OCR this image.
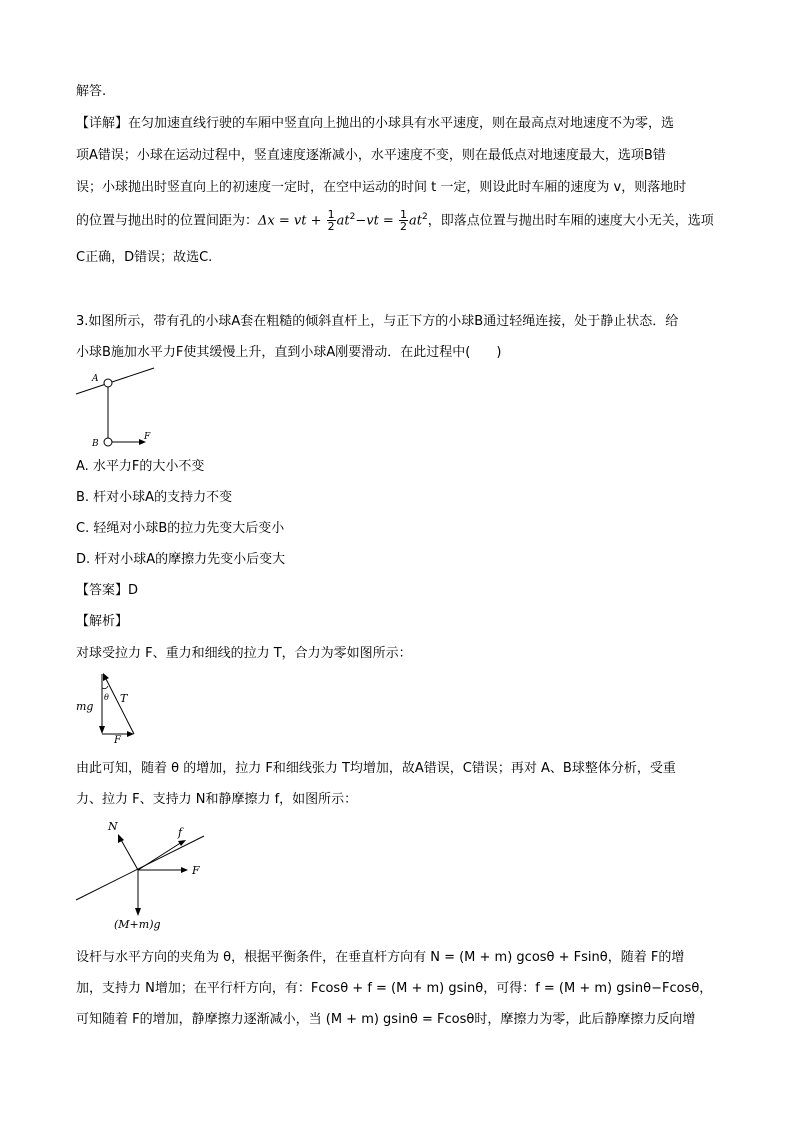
解答.
【详解】在匀加速直线行驶的车厢中竖直向上抛出的小球具有水平速度，则在最高点对地速度不为零，选
项A错误；小球在运动过程中，竖直速度逐渐减小，水平速度不变，则在最低点对地速度最大，选项B错
误；小球抛出时竖直向上的初速度一定时，在空中运动的时间 t 一定，则设此时车厢的速度为 v，则落地时
的位置与抛出时的位置间距为：Δx = vt + $\frac{1}{2} at^2-vt = \frac{1}{2} at^2$，即落点位置与抛出时车厢的速度大小无关，选项
C正确，D错误；故选C.
3.如图所示，带有孔的小球A套在粗糙的倾斜直杆上，与正下方的小球B通过轻绳连接，处于静止状态．给
小球B施加水平力F使其缓慢上升，直到小球A刚要滑动．在此过程中(　　)
A
B
F
A. 水平力F的大小不变
B. 杆对小球A的支持力不变
C. 轻绳对小球B的拉力先变大后变小
D. 杆对小球A的摩擦力先变小后变大
【答案】D
【解析】
对球受拉力 F、重力和细线的拉力 T，合力为零如图所示：
θ
mg
T
F
由此可知，随着 θ 的增加，拉力 F和细线张力 T均增加，故A错误，C错误；再对 A、B球整体分析，受重
力、拉力 F、支持力 N和静摩擦力 f，如图所示：
N	f
F
(M+m)g
设杆与水平方向的夹角为 θ，根据平衡条件，在垂直杆方向有 N = (M + m) gcosθ + Fsinθ，随着 F的增
加，支持力 N增加；在平行杆方向，有：Fcosθ + f = (M + m) gsinθ，可得：f = (M + m) gsinθ−Fcosθ，
可知随着 F的增加，静摩擦力逐渐减小，当 (M + m) gsinθ = Fcosθ时，摩擦力为零，此后静摩擦力反向增
